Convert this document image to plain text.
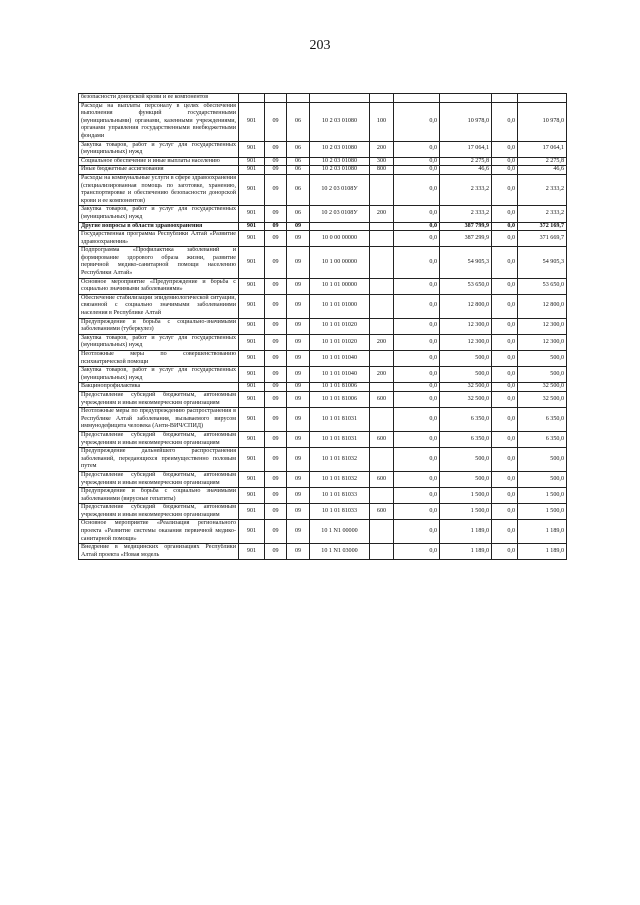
203
безопасности донорской крови и ее компонентов									
Расходы на выплаты персоналу в целях обеспечения выполнения функций государственными (муниципальными) органами, казенными учреждениями, органами управления государственными внебюджетными фондами	901	09	06	10 2 03 01080	100	0,0	10 978,0	0,0	10 978,0
Закупка товаров, работ и услуг для государственных (муниципальных) нужд	901	09	06	10 2 03 01080	200	0,0	17 064,1	0,0	17 064,1
Социальное обеспечение и иные выплаты населению	901	09	06	10 2 03 01080	300	0,0	2 275,8	0,0	2 275,8
Иные бюджетные ассигнования	901	09	06	10 2 03 01080	800	0,0	46,6	0,0	46,6
Расходы на коммунальные услуги в сфере здравоохранения (специализированная помощь по заготовке, хранению, транспортировке и обеспечению безопасности донорской крови и ее компонентов)	901	09	06	10 2 03 0108У		0,0	2 333,2	0,0	2 333,2
Закупка товаров, работ и услуг для государственных (муниципальных) нужд	901	09	06	10 2 03 0108У	200	0,0	2 333,2	0,0	2 333,2
Другие вопросы в области здравоохранения	901	09	09			0,0	387 799,9	0,0	372 169,7
Государственная программа Республики Алтай «Развитие здравоохранения»	901	09	09	10 0 00 00000		0,0	387 299,9	0,0	371 669,7
Подпрограмма «Профилактика заболеваний и формирование здорового образа жизни, развитие первичной медико-санитарной помощи населению Республики Алтай»	901	09	09	10 1 00 00000		0,0	54 905,3	0,0	54 905,3
Основное мероприятие «Предупреждение и борьба с социально значимыми заболеваниями»	901	09	09	10 1 01 00000		0,0	53 650,0	0,0	53 650,0
Обеспечение стабилизации эпидемиологической ситуации, связанной с социально значимыми заболеваниями населения в Республике Алтай	901	09	09	10 1 01 01000		0,0	12 800,0	0,0	12 800,0
Предупреждение и борьба с социально-значимыми заболеваниями (туберкулез)	901	09	09	10 1 01 01020		0,0	12 300,0	0,0	12 300,0
Закупка товаров, работ и услуг для государственных (муниципальных) нужд	901	09	09	10 1 01 01020	200	0,0	12 300,0	0,0	12 300,0
Неотложные меры по совершенствованию психиатрической помощи	901	09	09	10 1 01 01040		0,0	500,0	0,0	500,0
Закупка товаров, работ и услуг для государственных (муниципальных) нужд	901	09	09	10 1 01 01040	200	0,0	500,0	0,0	500,0
Вакцинопрофилактика	901	09	09	10 1 01 81006		0,0	32 500,0	0,0	32 500,0
Предоставление субсидий бюджетным, автономным учреждениям и иным некоммерческим организациям	901	09	09	10 1 01 81006	600	0,0	32 500,0	0,0	32 500,0
Неотложные меры по предупреждению распространения в Республике Алтай заболевания, вызываемого вирусом иммунодефицита человека (Анти-ВИЧ/СПИД)	901	09	09	10 1 01 81031		0,0	6 350,0	0,0	6 350,0
Предоставление субсидий бюджетным, автономным учреждениям и иным некоммерческим организациям	901	09	09	10 1 01 81031	600	0,0	6 350,0	0,0	6 350,0
Предупреждение дальнейшего распространения заболеваний, передающихся преимущественно половым путем	901	09	09	10 1 01 81032		0,0	500,0	0,0	500,0
Предоставление субсидий бюджетным, автономным учреждениям и иным некоммерческим организациям	901	09	09	10 1 01 81032	600	0,0	500,0	0,0	500,0
Предупреждение и борьба с социально значимыми заболеваниями (вирусные гепатиты)	901	09	09	10 1 01 81033		0,0	1 500,0	0,0	1 500,0
Предоставление субсидий бюджетным, автономным учреждениям и иным некоммерческим организациям	901	09	09	10 1 01 81033	600	0,0	1 500,0	0,0	1 500,0
Основное мероприятие «Реализация регионального проекта «Развитие системы оказания первичной медико-санитарной помощи»	901	09	09	10 1 N1 00000		0,0	1 189,0	0,0	1 189,0
Внедрение в медицинских организациях Республики Алтай проекта «Новая модель	901	09	09	10 1 N1 03000		0,0	1 189,0	0,0	1 189,0
